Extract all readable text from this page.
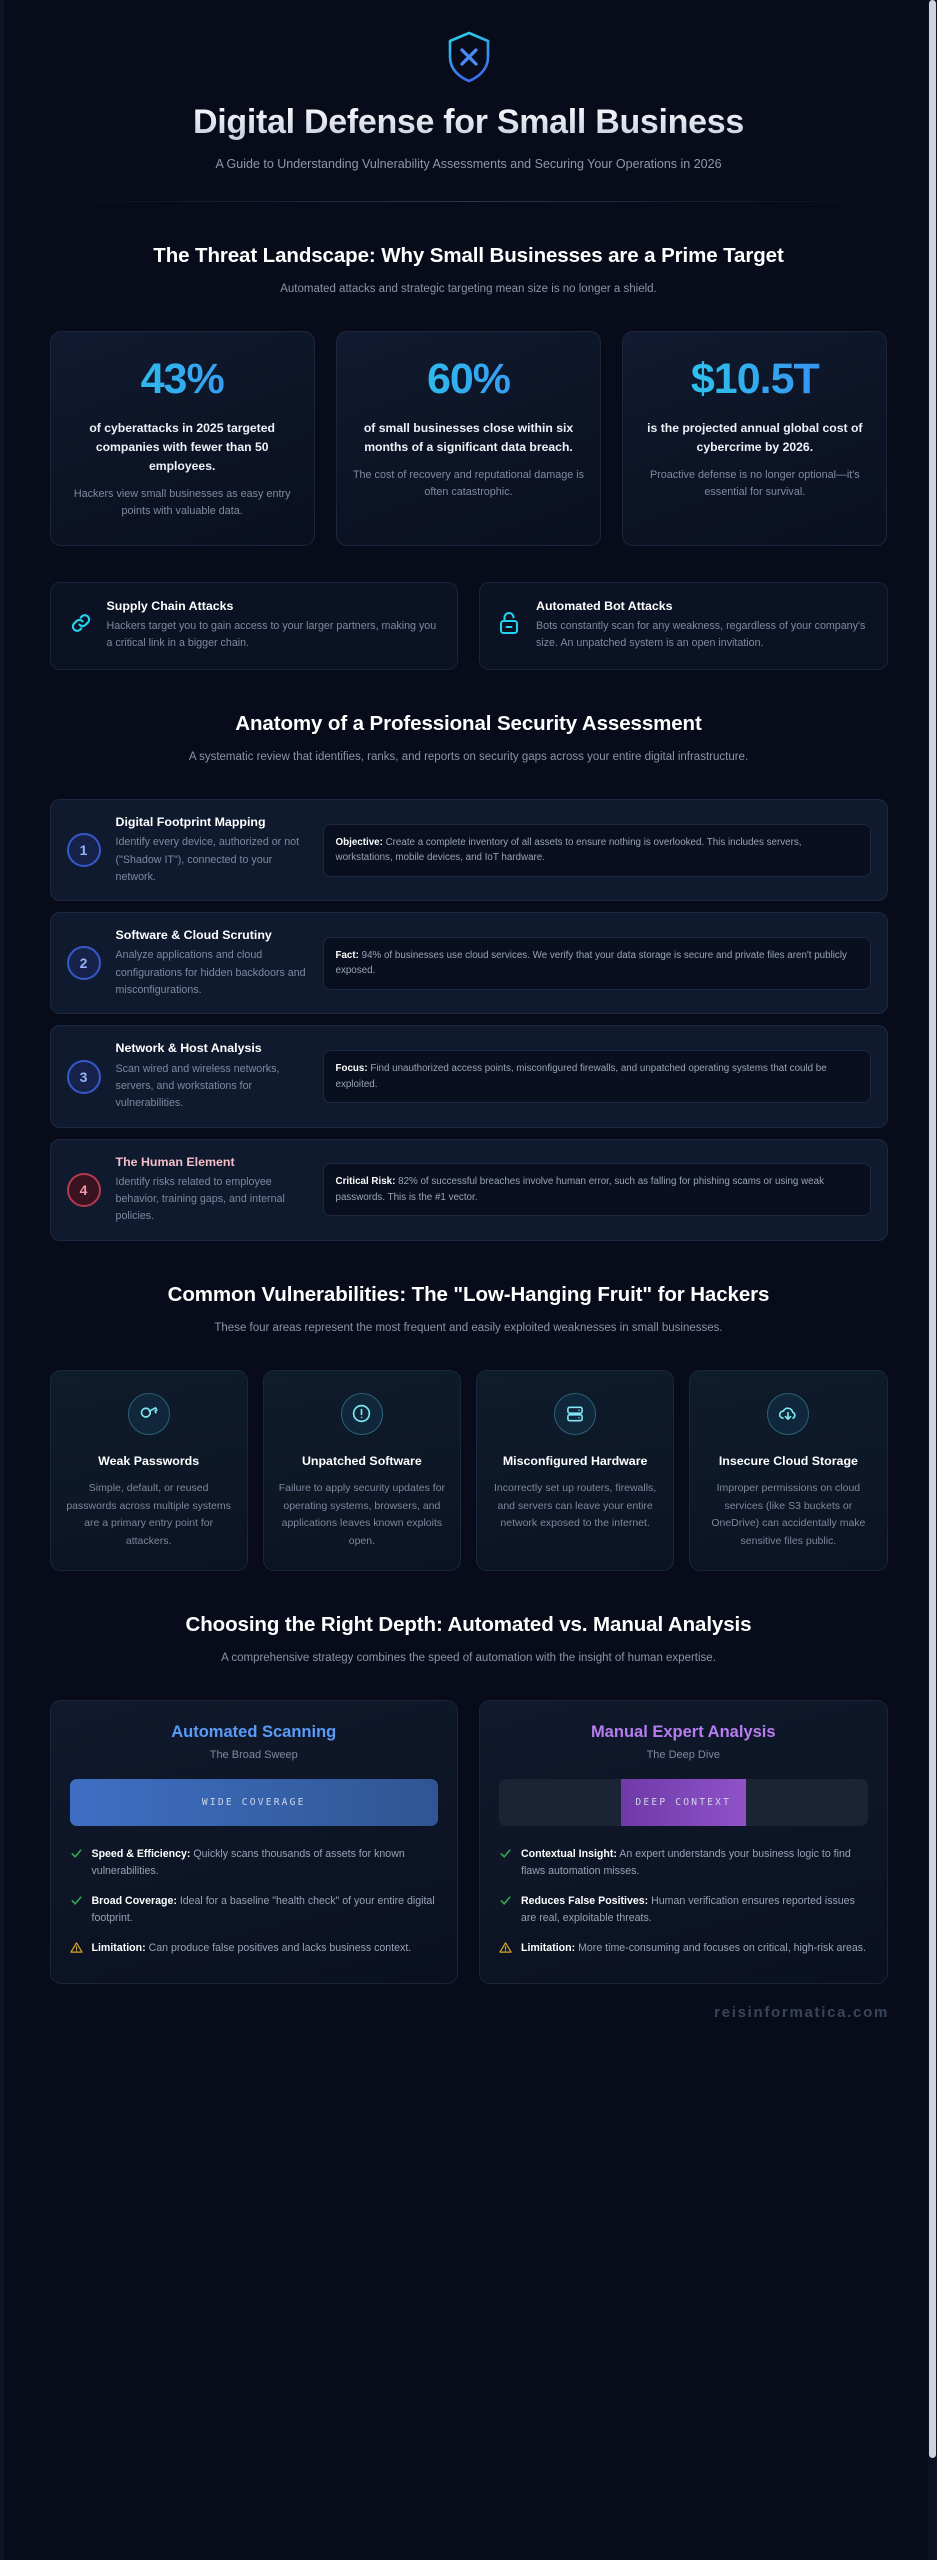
Digital Defense for Small Business
A Guide to Understanding Vulnerability Assessments and Securing Your Operations in 2026
The Threat Landscape: Why Small Businesses are a Prime Target
Automated attacks and strategic targeting mean size is no longer a shield.
43%
of cyberattacks in 2025 targeted companies with fewer than 50 employees.
Hackers view small businesses as easy entry points with valuable data.
60%
of small businesses close within six months of a significant data breach.
The cost of recovery and reputational damage is often catastrophic.
$10.5T
is the projected annual global cost of cybercrime by 2026.
Proactive defense is no longer optional—it's essential for survival.
Supply Chain Attacks
Hackers target you to gain access to your larger partners, making you a critical link in a bigger chain.
Automated Bot Attacks
Bots constantly scan for any weakness, regardless of your company's size. An unpatched system is an open invitation.
Anatomy of a Professional Security Assessment
A systematic review that identifies, ranks, and reports on security gaps across your entire digital infrastructure.
1
Digital Footprint Mapping
Identify every device, authorized or not ("Shadow IT"), connected to your network.
Objective: Create a complete inventory of all assets to ensure nothing is overlooked. This includes servers, workstations, mobile devices, and IoT hardware.
2
Software & Cloud Scrutiny
Analyze applications and cloud configurations for hidden backdoors and misconfigurations.
Fact: 94% of businesses use cloud services. We verify that your data storage is secure and private files aren't publicly exposed.
3
Network & Host Analysis
Scan wired and wireless networks, servers, and workstations for vulnerabilities.
Focus: Find unauthorized access points, misconfigured firewalls, and unpatched operating systems that could be exploited.
4
The Human Element
Identify risks related to employee behavior, training gaps, and internal policies.
Critical Risk: 82% of successful breaches involve human error, such as falling for phishing scams or using weak passwords. This is the #1 vector.
Common Vulnerabilities: The "Low-Hanging Fruit" for Hackers
These four areas represent the most frequent and easily exploited weaknesses in small businesses.
Weak Passwords
Simple, default, or reused passwords across multiple systems are a primary entry point for attackers.
Unpatched Software
Failure to apply security updates for operating systems, browsers, and applications leaves known exploits open.
Misconfigured Hardware
Incorrectly set up routers, firewalls, and servers can leave your entire network exposed to the internet.
Insecure Cloud Storage
Improper permissions on cloud services (like S3 buckets or OneDrive) can accidentally make sensitive files public.
Choosing the Right Depth: Automated vs. Manual Analysis
A comprehensive strategy combines the speed of automation with the insight of human expertise.
Automated Scanning
The Broad Sweep
WIDE COVERAGE
Speed & Efficiency: Quickly scans thousands of assets for known vulnerabilities.
Broad Coverage: Ideal for a baseline "health check" of your entire digital footprint.
Limitation: Can produce false positives and lacks business context.
Manual Expert Analysis
The Deep Dive
DEEP CONTEXT
Contextual Insight: An expert understands your business logic to find flaws automation misses.
Reduces False Positives: Human verification ensures reported issues are real, exploitable threats.
Limitation: More time-consuming and focuses on critical, high-risk areas.
reisinformatica.com
